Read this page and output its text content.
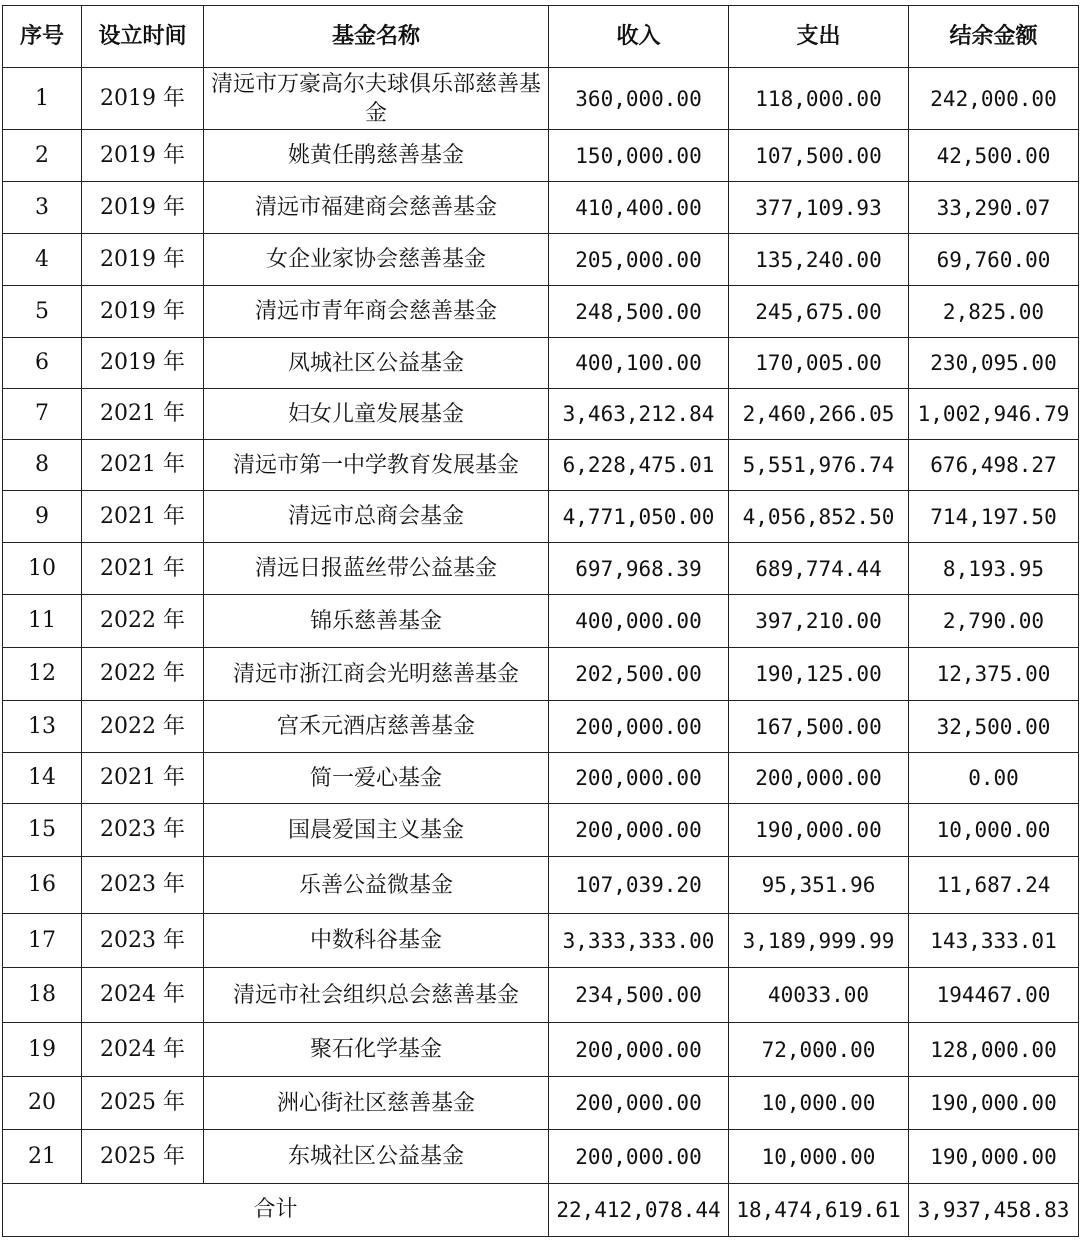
序号	设立时间	基金名称	收入	支出	结余金额
1	2019 年	清远市万豪高尔夫球俱乐部慈善基金	360,000.00	118,000.00	242,000.00
2	2019 年	姚黄任鹃慈善基金	150,000.00	107,500.00	42,500.00
3	2019 年	清远市福建商会慈善基金	410,400.00	377,109.93	33,290.07
4	2019 年	女企业家协会慈善基金	205,000.00	135,240.00	69,760.00
5	2019 年	清远市青年商会慈善基金	248,500.00	245,675.00	2,825.00
6	2019 年	凤城社区公益基金	400,100.00	170,005.00	230,095.00
7	2021 年	妇女儿童发展基金	3,463,212.84	2,460,266.05	1,002,946.79
8	2021 年	清远市第一中学教育发展基金	6,228,475.01	5,551,976.74	676,498.27
9	2021 年	清远市总商会基金	4,771,050.00	4,056,852.50	714,197.50
10	2021 年	清远日报蓝丝带公益基金	697,968.39	689,774.44	8,193.95
11	2022 年	锦乐慈善基金	400,000.00	397,210.00	2,790.00
12	2022 年	清远市浙江商会光明慈善基金	202,500.00	190,125.00	12,375.00
13	2022 年	宫禾元酒店慈善基金	200,000.00	167,500.00	32,500.00
14	2021 年	简一爱心基金	200,000.00	200,000.00	0.00
15	2023 年	国晨爱国主义基金	200,000.00	190,000.00	10,000.00
16	2023 年	乐善公益微基金	107,039.20	95,351.96	11,687.24
17	2023 年	中数科谷基金	3,333,333.00	3,189,999.99	143,333.01
18	2024 年	清远市社会组织总会慈善基金	234,500.00	40033.00	194467.00
19	2024 年	聚石化学基金	200,000.00	72,000.00	128,000.00
20	2025 年	洲心街社区慈善基金	200,000.00	10,000.00	190,000.00
21	2025 年	东城社区公益基金	200,000.00	10,000.00	190,000.00
合计			22,412,078.44	18,474,619.61	3,937,458.83
